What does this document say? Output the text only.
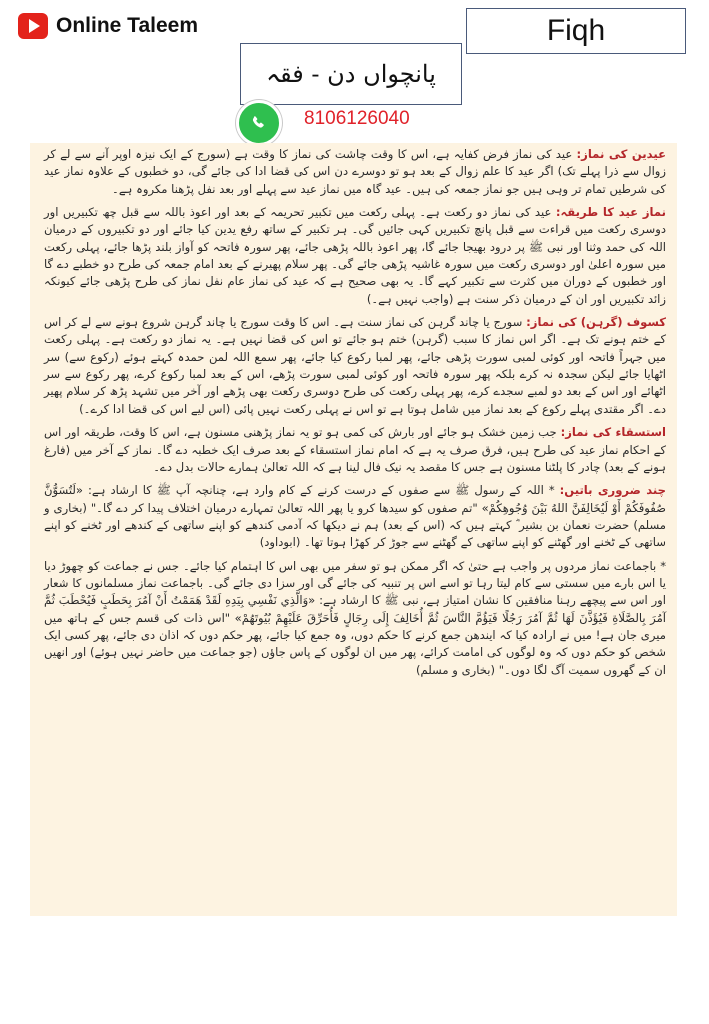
Online Taleem	Fiqh
پانچواں دن - فقہ
8106126040

عیدین کی نماز: عید کی نماز فرض کفایہ ہے، اس کا وقت چاشت کی نماز کا وقت ہے (سورج کے ایک نیزہ اوپر آنے سے لے کر زوال سے ذرا پہلے تک) اگر عید کا علم زوال کے بعد ہو تو دوسرے دن اس کی قضا ادا کی جائے گی، دو خطبوں کے علاوہ نماز عید کی شرطیں تمام تر وہی ہیں جو نماز جمعہ کی ہیں۔ عید گاہ میں نماز عید سے پہلے اور بعد نفل پڑھنا مکروہ ہے۔

نماز عید کا طریقہ: عید کی نماز دو رکعت ہے۔ پہلی رکعت میں تکبیر تحریمہ کے بعد اور اعوذ باللہ سے قبل چھ تکبیریں اور دوسری رکعت میں قراءت سے قبل پانچ تکبیریں کہی جائیں گی۔ ہر تکبیر کے ساتھ رفع یدین کیا جائے اور دو تکبیروں کے درمیان اللہ کی حمد وثنا اور نبی ﷺ پر درود بھیجا جائے گا، پھر اعوذ باللہ پڑھی جائے، پھر سورہ فاتحہ کو آواز بلند پڑھا جائے، پہلی رکعت میں سورہ اعلیٰ اور دوسری رکعت میں سورہ غاشیہ پڑھی جائے گی۔ پھر سلام پھیرنے کے بعد امام جمعہ کی طرح دو خطبے دے گا اور خطبوں کے دوران میں کثرت سے تکبیر کہے گا۔ یہ بھی صحیح ہے کہ عید کی نماز عام نفل نماز کی طرح پڑھی جائے کیونکہ زائد تکبیریں اور ان کے درمیان ذکر سنت ہے (واجب نہیں ہے۔)

کسوف (گرہن) کی نماز: سورج یا چاند گرہن کی نماز سنت ہے۔ اس کا وقت سورج یا چاند گرہن شروع ہونے سے لے کر اس کے ختم ہونے تک ہے۔ اگر اس نماز کا سبب (گرہن) ختم ہو جائے تو اس کی قضا نہیں ہے۔ یہ نماز دو رکعت ہے۔ پہلی رکعت میں جہراً فاتحہ اور کوئی لمبی سورت پڑھی جائے، پھر لمبا رکوع کیا جائے، پھر سمع اللہ لمن حمدہ کہتے ہوئے (رکوع سے) سر اٹھایا جائے لیکن سجدہ نہ کرے بلکہ پھر سورہ فاتحہ اور کوئی لمبی سورت پڑھے، اس کے بعد لمبا رکوع کرے، پھر رکوع سے سر اٹھائے اور اس کے بعد دو لمبے سجدے کرے، پھر پہلی رکعت کی طرح دوسری رکعت بھی پڑھے اور آخر میں تشہد پڑھ کر سلام پھیر دے۔ اگر مقتدی پہلے رکوع کے بعد نماز میں شامل ہوتا ہے تو اس نے پہلی رکعت نہیں پائی (اس لیے اس کی قضا ادا کرے۔)

استسقاء کی نماز: جب زمین خشک ہو جائے اور بارش کی کمی ہو تو یہ نماز پڑھنی مسنون ہے، اس کا وقت، طریقہ اور اس کے احکام نماز عید کی طرح ہیں، فرق صرف یہ ہے کہ امام نماز استسقاء کے بعد صرف ایک خطبہ دے گا۔ نماز کے آخر میں (فارغ ہونے کے بعد) چادر کا پلٹنا مسنون ہے جس کا مقصد یہ نیک فال لینا ہے کہ اللہ تعالیٰ ہمارے حالات بدل دے۔

چند ضروری باتیں: * اللہ کے رسول ﷺ سے صفوں کے درست کرنے کے کام وارد ہے، چنانچہ آپ ﷺ کا ارشاد ہے: «لَتُسَوُّنَّ صُفُوفَكُمْ أَوْ لَيُخَالِفَنَّ اللهُ بَيْنَ وُجُوهِكُمْ» "تم صفوں کو سیدھا کرو یا پھر اللہ تعالیٰ تمہارے درمیان اختلاف پیدا کر دے گا۔" (بخاری و مسلم) حضرت نعمان بن بشیر ؓ کہتے ہیں کہ (اس کے بعد) ہم نے دیکھا کہ آدمی کندھے کو اپنے ساتھی کے کندھے اور ٹخنے کو اپنے ساتھی کے ٹخنے اور گھٹنے کو اپنے ساتھی کے گھٹنے سے جوڑ کر کھڑا ہوتا تھا۔ (ابوداود)

* باجماعت نماز مردوں پر واجب ہے حتیٰ کہ اگر ممکن ہو تو سفر میں بھی اس کا اہتمام کیا جائے۔ جس نے جماعت کو چھوڑ دیا یا اس بارے میں سستی سے کام لیتا رہا تو اسے اس پر تنبیہ کی جائے گی اور سزا دی جائے گی۔ باجماعت نماز مسلمانوں کا شعار اور اس سے پیچھے رہنا منافقین کا نشان امتیاز ہے، نبی ﷺ کا ارشاد ہے: «وَالَّذِي نَفْسِي بِيَدِهِ لَقَدْ هَمَمْتُ أَنْ آمُرَ بِحَطَبٍ فَيُحْطَبَ ثُمَّ آمُرَ بِالصَّلَاةِ فَيُؤَذَّنَ لَهَا ثُمَّ آمُرَ رَجُلًا فَيَؤُمَّ النَّاسَ ثُمَّ أُخَالِفَ إِلَى رِجَالٍ فَأُحَرِّقَ عَلَيْهِمْ بُيُوتَهُمْ» "اس ذات کی قسم جس کے ہاتھ میں میری جان ہے! میں نے ارادہ کیا کہ ایندھن جمع کرنے کا حکم دوں، وہ جمع کیا جائے، پھر حکم دوں کہ اذان دی جائے، پھر کسی ایک شخص کو حکم دوں کہ وہ لوگوں کی امامت کرائے، پھر میں ان لوگوں کے پاس جاؤں (جو جماعت میں حاضر نہیں ہوئے) اور انھیں ان کے گھروں سمیت آگ لگا دوں۔" (بخاری و مسلم)
